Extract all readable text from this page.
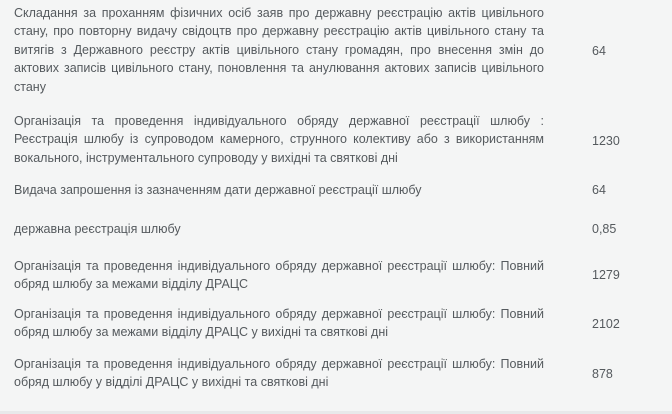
Складання за проханням фізичних осіб заяв про державну реєстрацію актів цивільного стану, про повторну видачу свідоцтв про державну реєстрацію актів цивільного стану та витягів з Державного реєстру актів цивільного стану громадян, про внесення змін до актових записів цивільного стану, поновлення та анулювання актових записів цивільного стану
64
Організація та проведення індивідуального обряду державної реєстрації шлюбу : Реєстрація шлюбу із супроводом камерного, струнного колективу або з використанням вокального, інструментального супроводу у вихідні та святкові дні
1230
Видача запрошення із зазначенням дати державної реєстрації шлюбу	64
державна реєстрація шлюбу	0,85
Організація та проведення індивідуального обряду державної реєстрації шлюбу: Повний обряд шлюбу за межами відділу ДРАЦС
1279
Організація та проведення індивідуального обряду державної реєстрації шлюбу: Повний обряд шлюбу за межами відділу ДРАЦС у вихідні та святкові дні
2102
Організація та проведення індивідуального обряду державної реєстрації шлюбу: Повний обряд шлюбу у відділі ДРАЦС у вихідні та святкові дні
878
